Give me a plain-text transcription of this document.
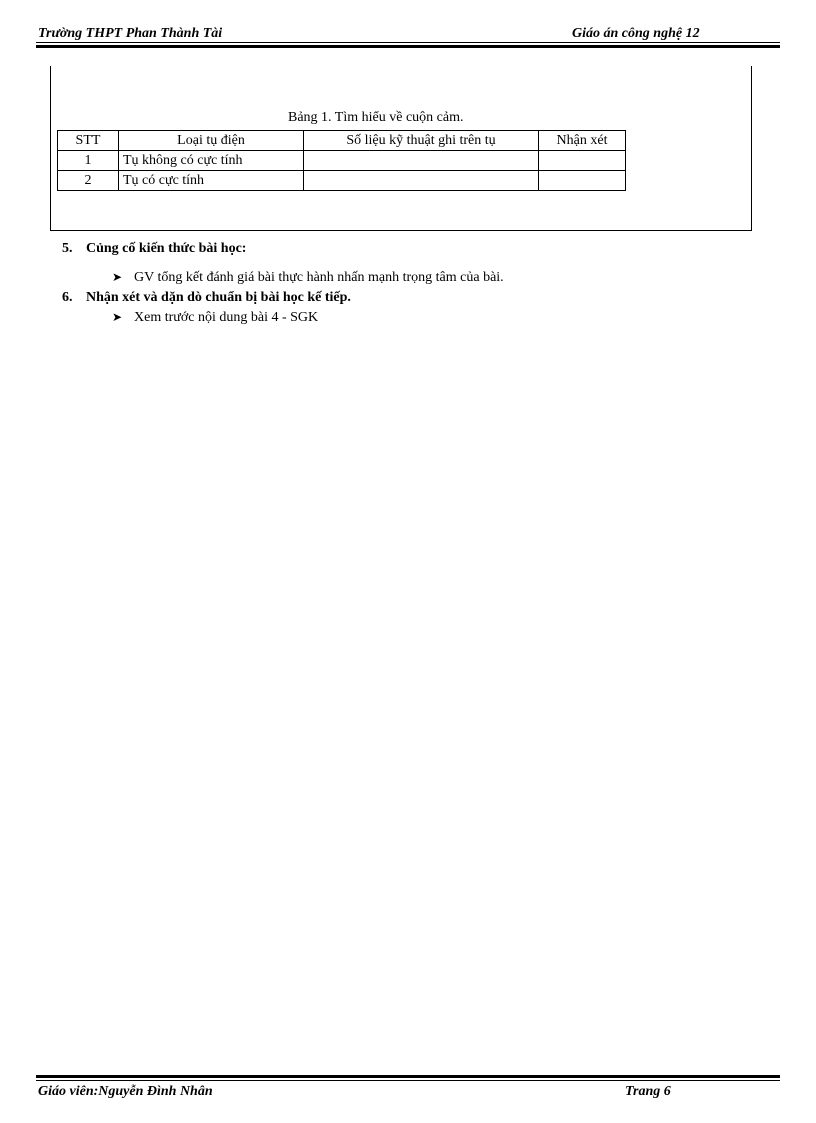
Trường THPT Phan Thành Tài	Giáo án công nghệ 12
Bảng 1. Tìm hiểu về cuộn cảm.
STT	Loại tụ điện	Số liệu kỹ thuật ghi trên tụ	Nhận xét
1	Tụ không có cực tính		
2	Tụ có cực tính		
5. Củng cố kiến thức bài học:
➤ GV tổng kết đánh giá bài thực hành nhấn mạnh trọng tâm của bài.
6. Nhận xét và dặn dò chuẩn bị bài học kế tiếp.
➤ Xem trước nội dung bài 4 - SGK
Giáo viên:Nguyễn Đình Nhân	Trang 6
